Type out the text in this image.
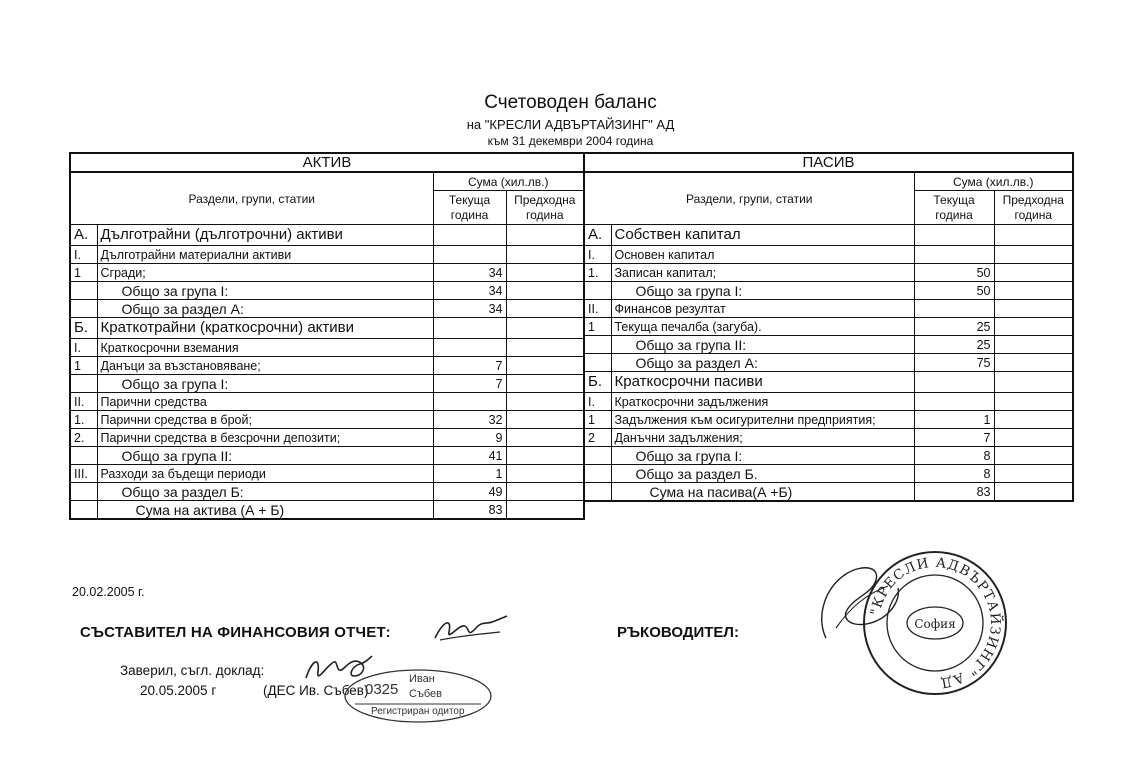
Счетоводен баланс
на "КРЕСЛИ АДВЪРТАЙЗИНГ" АД
към 31 декември 2004 година
АКТИВ			
Раздели, групи, статии		Сума (хил.лв.)	
		Текуща година	Предходна година
А.	Дълготрайни (дълготрочни) активи		
I.	Дълготрайни материални активи		
1	Сгради;	34	
	Общо за група I:	34	
	Общо за раздел А:	34	
Б.	Краткотрайни (краткосрочни) активи		
I.	Краткосрочни вземания		
1	Данъци за възстановяване;	7	
	Общо за група I:	7	
II.	Парични средства		
1.	Парични средства в брой;	32	
2.	Парични средства в безсрочни депозити;	9	
	Общо за група II:	41	
III.	Разходи за бъдещи периоди	1	
	Общо за раздел Б:	49	
	Сума на актива (А + Б)	83	
ПАСИВ			
Раздели, групи, статии		Сума (хил.лв.)	
		Текуща година	Предходна година
А.	Собствен капитал		
I.	Основен капитал		
1.	Записан капитал;	50	
	Общо за група I:	50	
II.	Финансов резултат		
1	Текуща печалба (загуба).	25	
	Общо за група II:	25	
	Общо за раздел А:	75	
Б.	Краткосрочни пасиви		
I.	Краткосрочни задължения		
1	Задължения към осигурителни предприятия;	1	
2	Данъчни задължения;	7	
	Общо за група I:	8	
	Общо за раздел Б.	8	
	Сума на пасива(А +Б)	83	
20.02.2005 г.
СЪСТАВИТЕЛ НА ФИНАНСОВИЯ ОТЧЕТ:	РЪКОВОДИТЕЛ:
Заверил, съгл. доклад:
20.05.2005 г	(ДЕС Ив. Събев)
0325
Иван
Събев
Регистриран одитор
"КРЕСЛИ АДВЪРТАЙЗИНГ" АД
София
